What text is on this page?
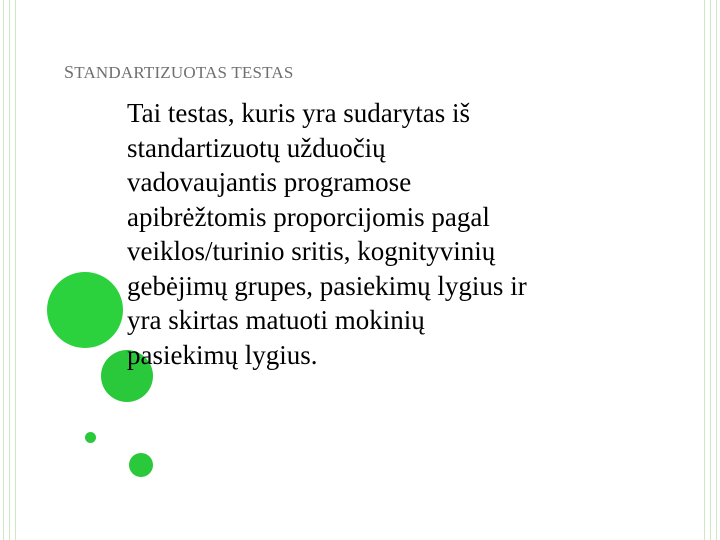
STANDARTIZUOTAS TESTAS
Tai testas, kuris yra sudarytas iš
standartizuotų užduočių
vadovaujantis programose
apibrėžtomis proporcijomis pagal
veiklos/turinio sritis, kognityvinių
gebėjimų grupes, pasiekimų lygius ir
yra skirtas matuoti mokinių
pasiekimų lygius.
